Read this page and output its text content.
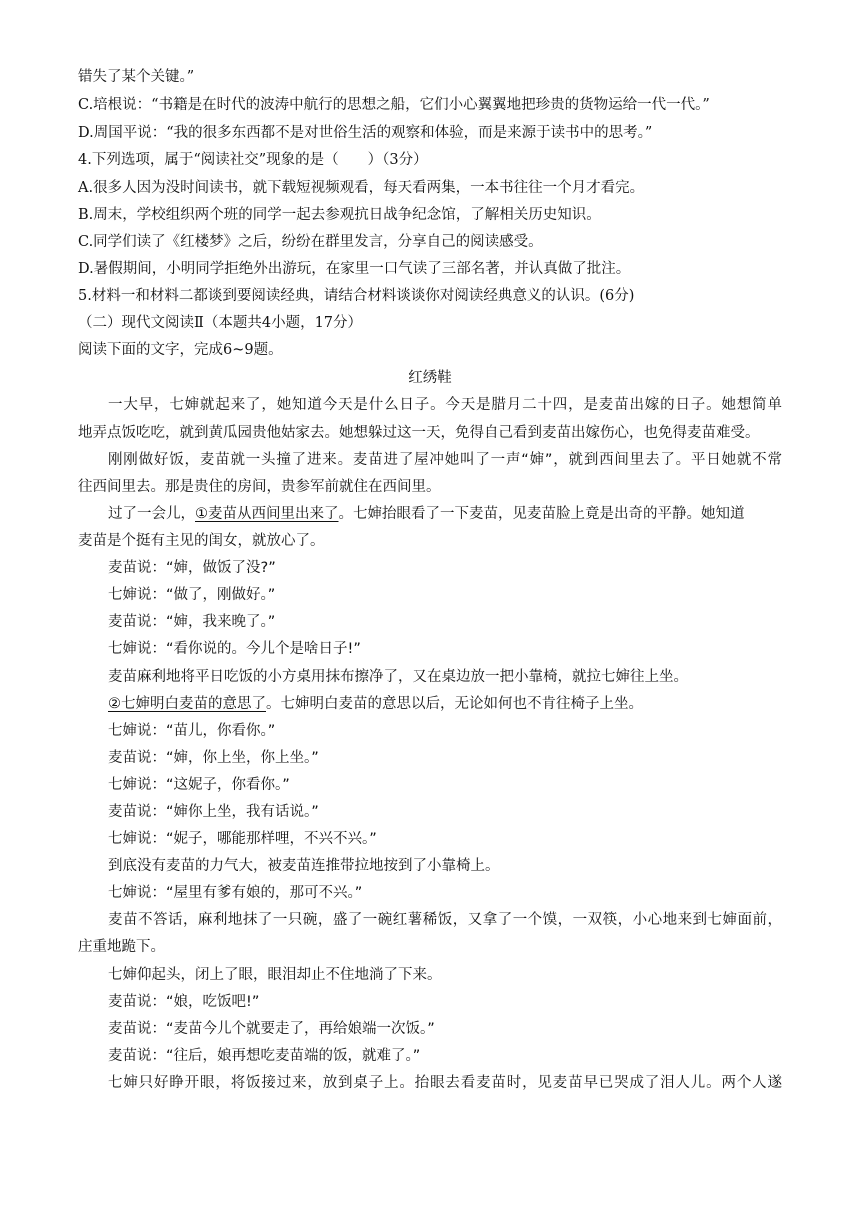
错失了某个关键。”
C.培根说：“书籍是在时代的波涛中航行的思想之船，它们小心翼翼地把珍贵的货物运给一代一代。”
D.周国平说：“我的很多东西都不是对世俗生活的观察和体验，而是来源于读书中的思考。”
4.下列选项，属于“阅读社交”现象的是（　　）（3分）
A.很多人因为没时间读书，就下载短视频观看，每天看两集，一本书往往一个月才看完。
B.周末，学校组织两个班的同学一起去参观抗日战争纪念馆，了解相关历史知识。
C.同学们读了《红楼梦》之后，纷纷在群里发言，分享自己的阅读感受。
D.暑假期间，小明同学拒绝外出游玩，在家里一口气读了三部名著，并认真做了批注。
5.材料一和材料二都谈到要阅读经典，请结合材料谈谈你对阅读经典意义的认识。(6分)
（二）现代文阅读Ⅱ（本题共4小题，17分）
阅读下面的文字，完成6~9题。
红绣鞋
一大早，七婶就起来了，她知道今天是什么日子。今天是腊月二十四，是麦苗出嫁的日子。她想简单
地弄点饭吃吃，就到黄瓜园贵他姑家去。她想躲过这一天，免得自己看到麦苗出嫁伤心，也免得麦苗难受。
刚刚做好饭，麦苗就一头撞了进来。麦苗进了屋冲她叫了一声“婶”，就到西间里去了。平日她就不常
往西间里去。那是贵住的房间，贵参军前就住在西间里。
过了一会儿，①麦苗从西间里出来了。七婶抬眼看了一下麦苗，见麦苗脸上竟是出奇的平静。她知道
麦苗是个挺有主见的闺女，就放心了。
麦苗说：“婶，做饭了没?”
七婶说：“做了，刚做好。”
麦苗说：“婶，我来晚了。”
七婶说：“看你说的。今儿个是啥日子!”
麦苗麻利地将平日吃饭的小方桌用抹布擦净了，又在桌边放一把小靠椅，就拉七婶往上坐。
②七婶明白麦苗的意思了。七婶明白麦苗的意思以后，无论如何也不肯往椅子上坐。
七婶说：“苗儿，你看你。”
麦苗说：“婶，你上坐，你上坐。”
七婶说：“这妮子，你看你。”
麦苗说：“婶你上坐，我有话说。”
七婶说：“妮子，哪能那样哩，不兴不兴。”
到底没有麦苗的力气大，被麦苗连推带拉地按到了小靠椅上。
七婶说：“屋里有爹有娘的，那可不兴。”
麦苗不答话，麻利地抹了一只碗，盛了一碗红薯稀饭，又拿了一个馍，一双筷，小心地来到七婶面前，
庄重地跪下。
七婶仰起头，闭上了眼，眼泪却止不住地淌了下来。
麦苗说：“娘，吃饭吧!”
麦苗说：“麦苗今儿个就要走了，再给娘端一次饭。”
麦苗说：“往后，娘再想吃麦苗端的饭，就难了。”
七婶只好睁开眼，将饭接过来，放到桌子上。抬眼去看麦苗时，见麦苗早已哭成了泪人儿。两个人遂
